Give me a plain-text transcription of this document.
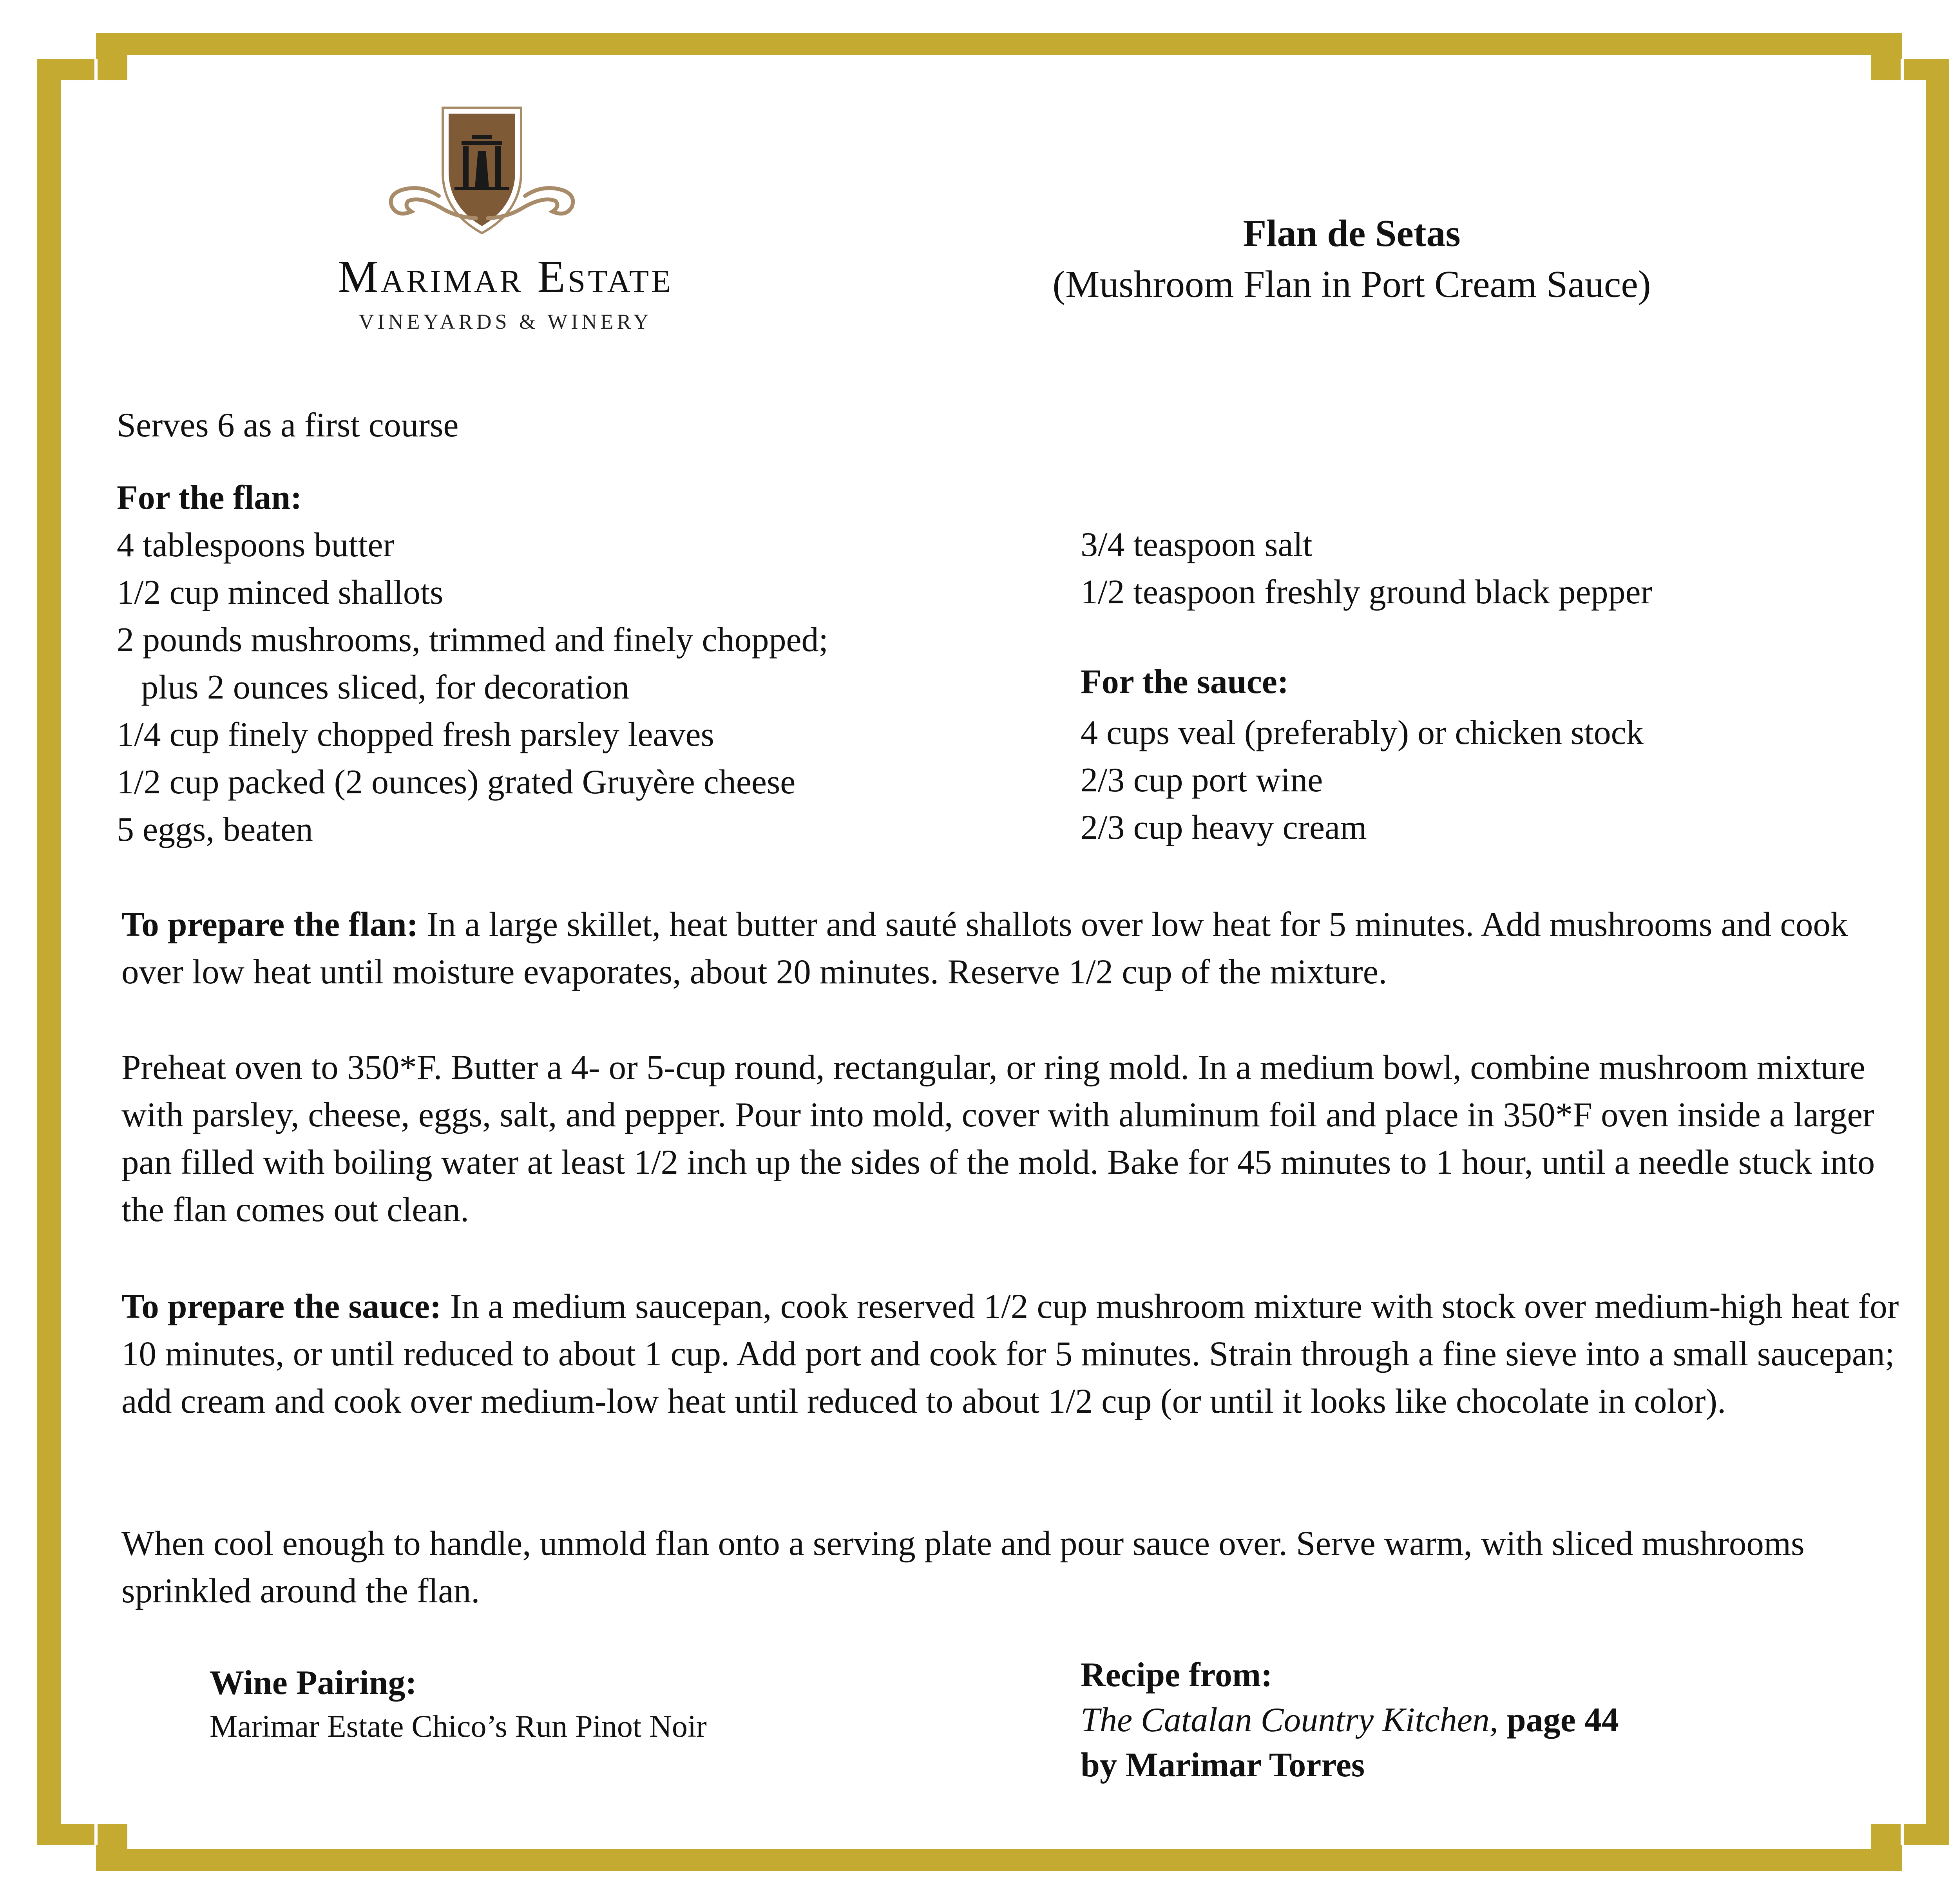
Marimar Estate
VINEYARDS & WINERY
Flan de Setas
(Mushroom Flan in Port Cream Sauce)
Serves 6 as a first course
For the flan:
4 tablespoons butter
1/2 cup minced shallots
2 pounds mushrooms, trimmed and finely chopped;
plus 2 ounces sliced, for decoration
1/4 cup finely chopped fresh parsley leaves
1/2 cup packed (2 ounces) grated Gruyère cheese
5 eggs, beaten
3/4 teaspoon salt
1/2 teaspoon freshly ground black pepper
For the sauce:
4 cups veal (preferably) or chicken stock
2/3 cup port wine
2/3 cup heavy cream
To prepare the flan: In a large skillet, heat butter and sauté shallots over low heat for 5 minutes. Add mushrooms and cook over low heat until moisture evaporates, about 20 minutes. Reserve 1/2 cup of the mixture.
Preheat oven to 350*F. Butter a 4- or 5-cup round, rectangular, or ring mold. In a medium bowl, combine mushroom mixture with parsley, cheese, eggs, salt, and pepper. Pour into mold, cover with aluminum foil and place in 350*F oven inside a larger pan filled with boiling water at least 1/2 inch up the sides of the mold. Bake for 45 minutes to 1 hour, until a needle stuck into the flan comes out clean.
To prepare the sauce: In a medium saucepan, cook reserved 1/2 cup mushroom mixture with stock over medium-high heat for 10 minutes, or until reduced to about 1 cup. Add port and cook for 5 minutes. Strain through a fine sieve into a small saucepan; add cream and cook over medium-low heat until reduced to about 1/2 cup (or until it looks like chocolate in color).
When cool enough to handle, unmold flan onto a serving plate and pour sauce over. Serve warm, with sliced mushrooms sprinkled around the flan.
Wine Pairing:
Marimar Estate Chico’s Run Pinot Noir
Recipe from:
The Catalan Country Kitchen, page 44
by Marimar Torres
